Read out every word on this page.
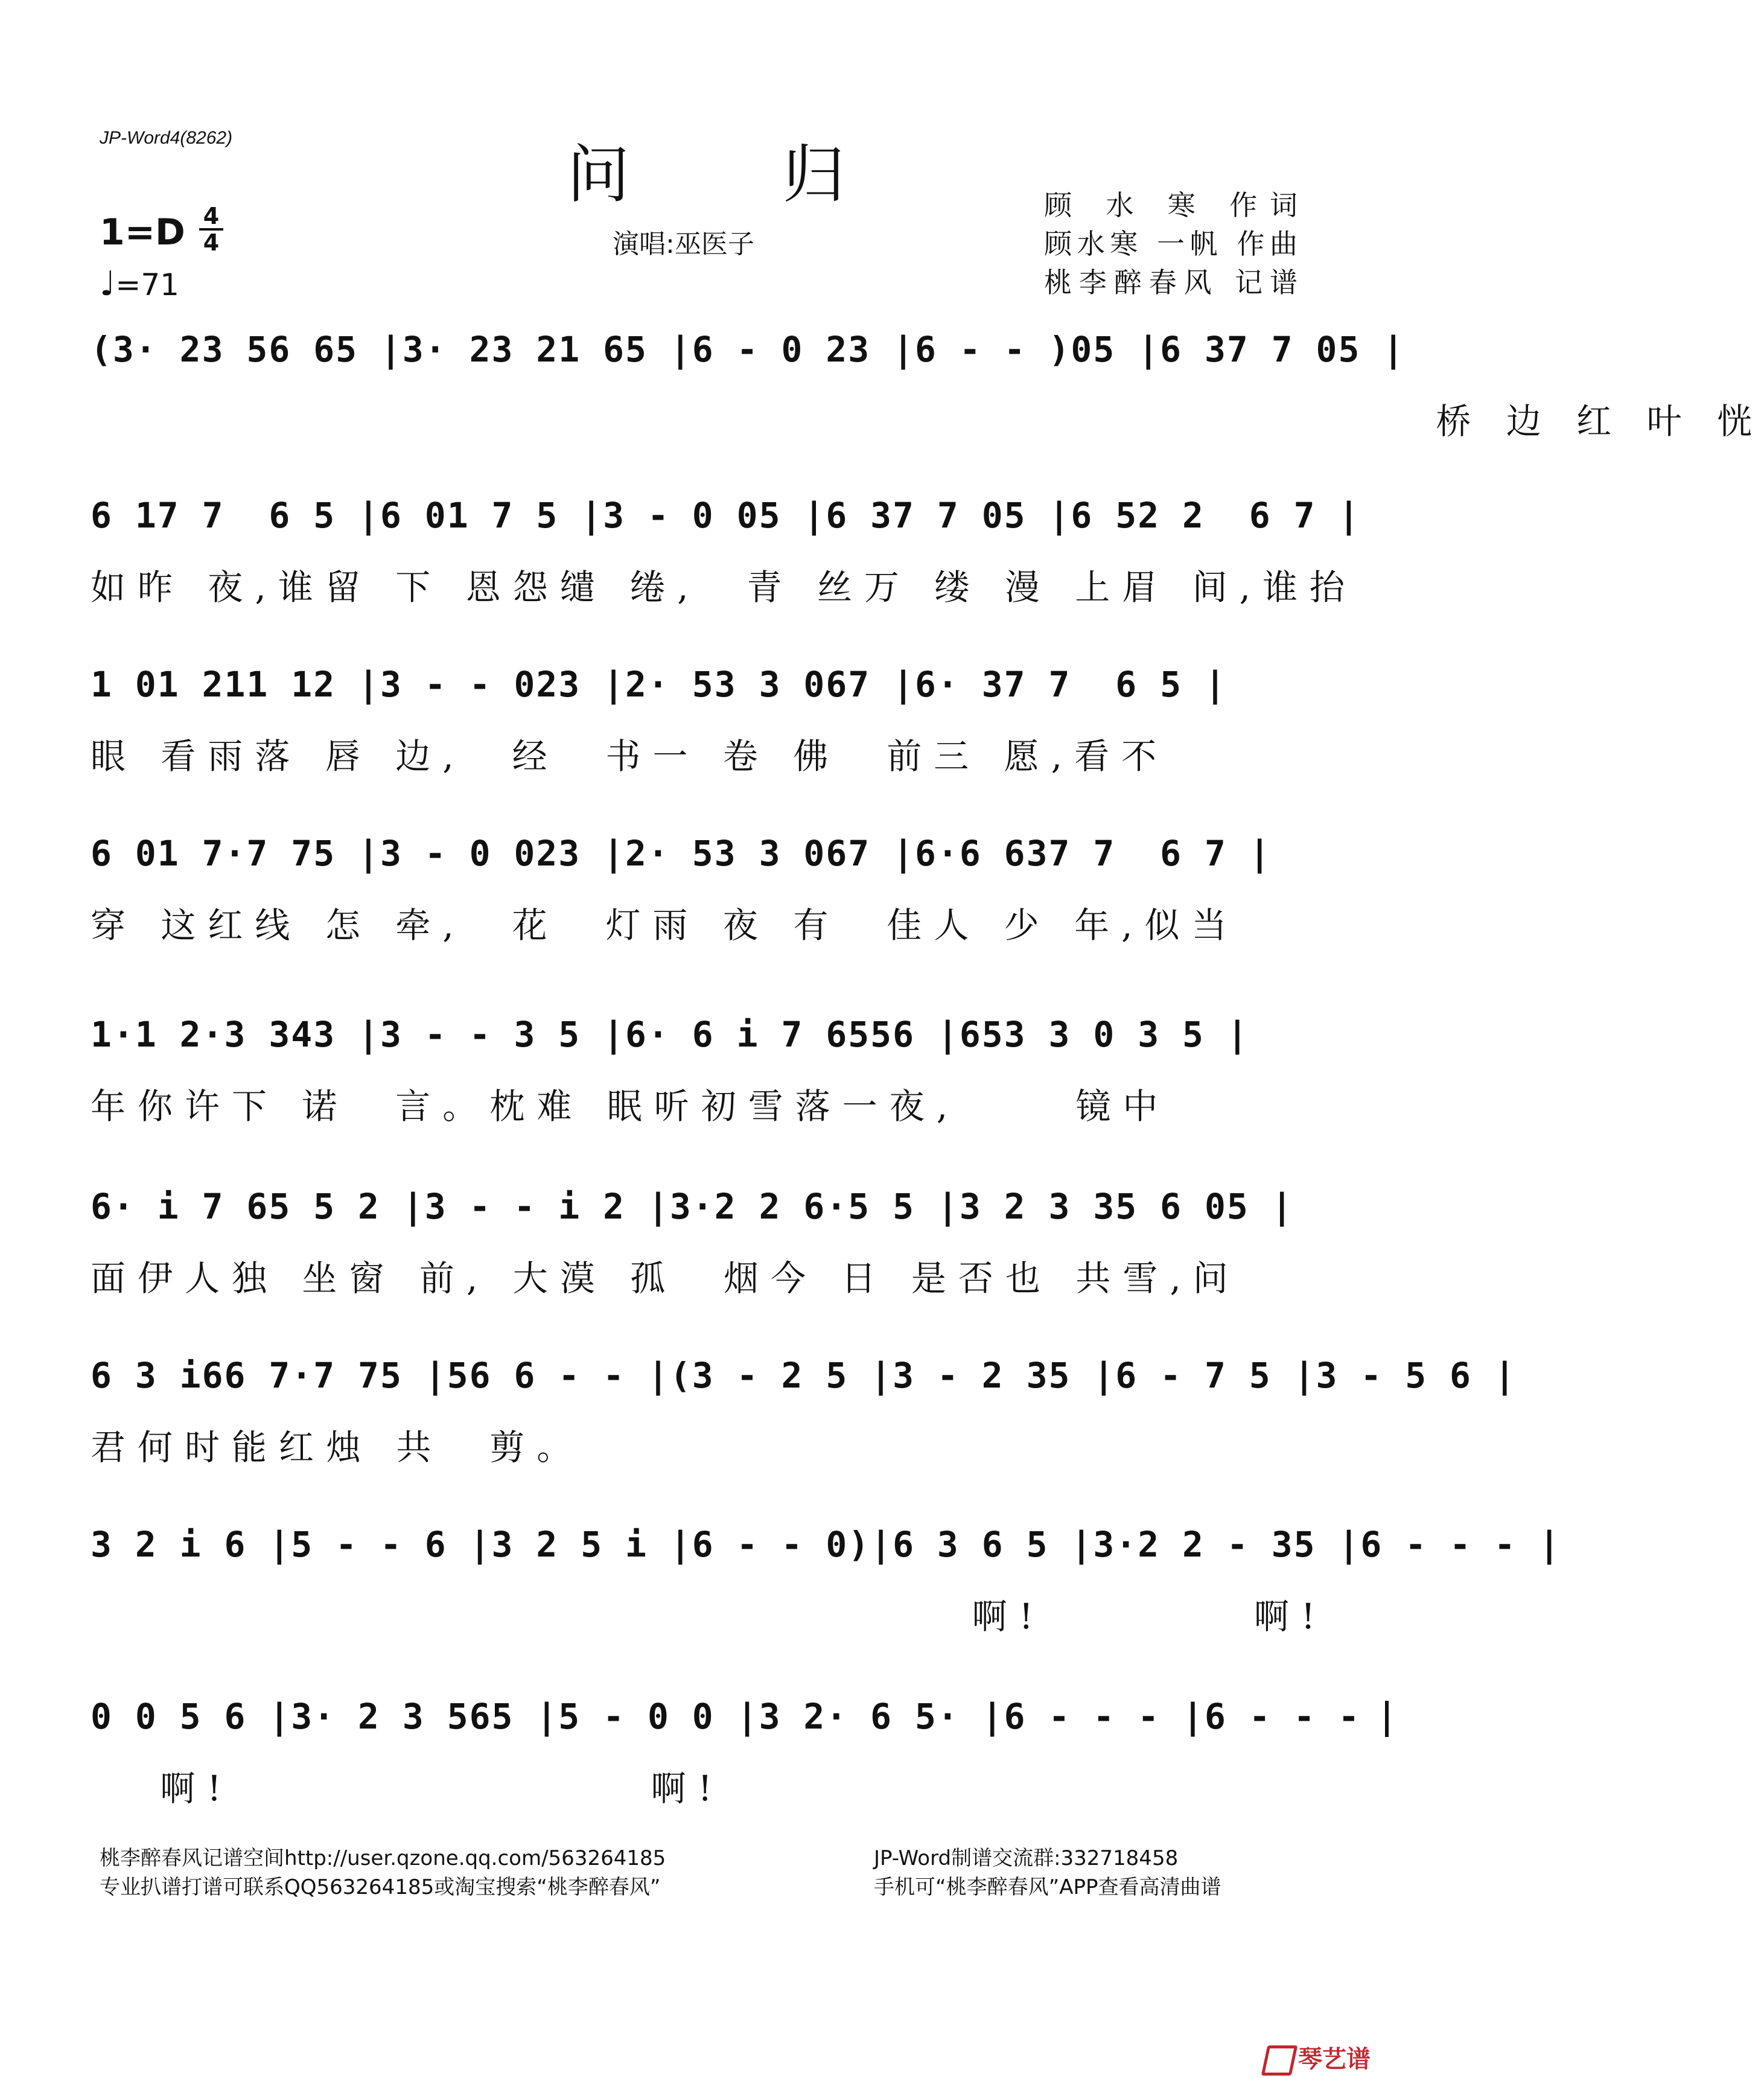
JP-Word4(8262)	问 归
演唱:巫医子
顾 水 寒 作词
顾水寒 一帆 作曲
桃李醉春风 记谱
1=D 4
4
♩=71
(3· 23 56 65 |3· 23 21 65 |6 - 0 23 |6 - - )05 |6 37 7 05 |
桥 边 红 叶 恍
6 17 7  6 5 |6 01 7 5 |3 - 0 05 |6 37 7 05 |6 52 2  6 7 |
如昨 夜,谁留 下 恩怨缱 绻,  青 丝万 缕 漫 上眉 间,谁抬
1 01 211 12 |3 - - 023 |2· 53 3 067 |6· 37 7  6 5 |
眼 看雨落 唇 边,  经  书一 卷 佛  前三 愿,看不
6 01 7·7 75 |3 - 0 023 |2· 53 3 067 |6·6 637 7  6 7 |
穿 这红线 怎 牵,  花  灯雨 夜 有  佳人 少 年,似当
1·1 2·3 343 |3 - - 3 5 |6· 6 i 7 6556 |653 3 0 3 5 |
年你许下 诺  言。枕难 眠听初雪落一夜,     镜中
6· i 7 65 5 2 |3 - - i 2 |3·2 2 6·5 5 |3 2 3 35 6 05 |
面伊人独 坐窗 前, 大漠 孤  烟今 日 是否也 共雪,问
6 3 i66 7·7 75 |56 6 - - |(3 - 2 5 |3 - 2 35 |6 - 7 5 |3 - 5 6 |
君何时能红烛 共  剪。
3 2 i 6 |5 - - 6 |3 2 5 i |6 - - 0)|6 3 6 5 |3·2 2 - 35 |6 - - - |
啊!         啊!
0 0 5 6 |3· 2 3 565 |5 - 0 0 |3 2· 6 5· |6 - - - |6 - - -
啊!                  啊!
桃李醉春风记谱空间http://user.qzone.qq.com/563264185
专业扒谱打谱可联系QQ563264185或淘宝搜索“桃李醉春风”
JP-Word制谱交流群:332718458
手机可“桃李醉春风”APP查看高清曲谱
琴艺谱
